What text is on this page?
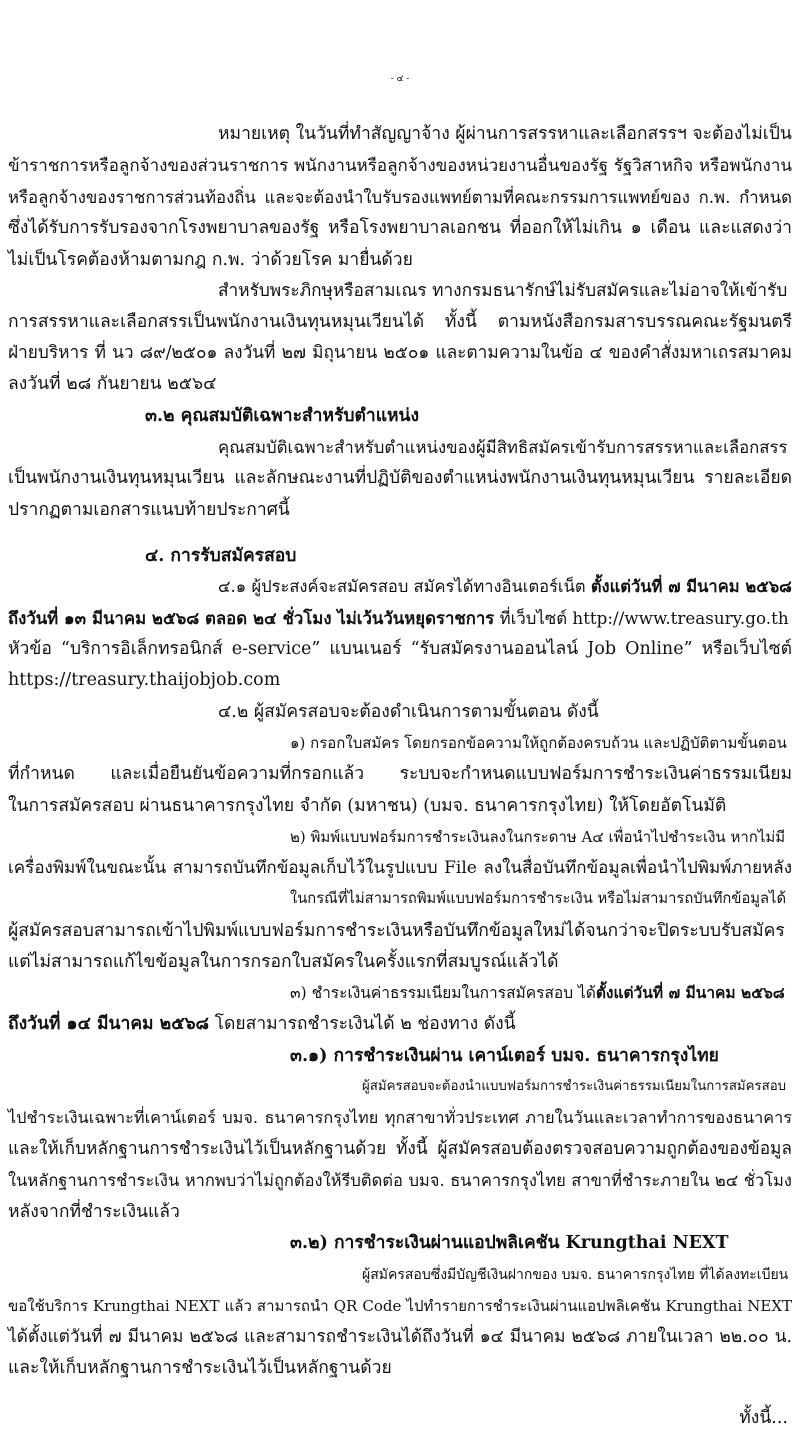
- ๔ -
หมายเหตุ ในวันที่ทำสัญญาจ้าง ผู้ผ่านการสรรหาและเลือกสรรฯ จะต้องไม่เป็น
ข้าราชการหรือลูกจ้างของส่วนราชการ พนักงานหรือลูกจ้างของหน่วยงานอื่นของรัฐ รัฐวิสาหกิจ หรือพนักงาน
หรือลูกจ้างของราชการส่วนท้องถิ่น และจะต้องนำใบรับรองแพทย์ตามที่คณะกรรมการแพทย์ของ ก.พ. กำหนด
ซึ่งได้รับการรับรองจากโรงพยาบาลของรัฐ หรือโรงพยาบาลเอกชน ที่ออกให้ไม่เกิน ๑ เดือน และแสดงว่า
ไม่เป็นโรคต้องห้ามตามกฎ ก.พ. ว่าด้วยโรค มายื่นด้วย
สำหรับพระภิกษุหรือสามเณร ทางกรมธนารักษ์ไม่รับสมัครและไม่อาจให้เข้ารับ
การสรรหาและเลือกสรรเป็นพนักงานเงินทุนหมุนเวียนได้ ทั้งนี้ ตามหนังสือกรมสารบรรณคณะรัฐมนตรี
ฝ่ายบริหาร ที่ นว ๘๙/๒๕๐๑ ลงวันที่ ๒๗ มิถุนายน ๒๕๐๑ และตามความในข้อ ๔ ของคำสั่งมหาเถรสมาคม
ลงวันที่ ๒๘ กันยายน ๒๕๖๔
๓.๒ คุณสมบัติเฉพาะสำหรับตำแหน่ง
คุณสมบัติเฉพาะสำหรับตำแหน่งของผู้มีสิทธิสมัครเข้ารับการสรรหาและเลือกสรร
เป็นพนักงานเงินทุนหมุนเวียน และลักษณะงานที่ปฏิบัติของตำแหน่งพนักงานเงินทุนหมุนเวียน รายละเอียด
ปรากฏตามเอกสารแนบท้ายประกาศนี้
๔. การรับสมัครสอบ
๔.๑ ผู้ประสงค์จะสมัครสอบ สมัครได้ทางอินเตอร์เน็ต ตั้งแต่วันที่ ๗ มีนาคม ๒๕๖๘
ถึงวันที่ ๑๓ มีนาคม ๒๕๖๘ ตลอด ๒๔ ชั่วโมง ไม่เว้นวันหยุดราชการ ที่เว็บไซต์ http://www.treasury.go.th
หัวข้อ “บริการอิเล็กทรอนิกส์ e-service” แบนเนอร์ “รับสมัครงานออนไลน์ Job Online” หรือเว็บไซต์
https://treasury.thaijobjob.com
๔.๒ ผู้สมัครสอบจะต้องดำเนินการตามขั้นตอน ดังนี้
๑) กรอกใบสมัคร โดยกรอกข้อความให้ถูกต้องครบถ้วน และปฏิบัติตามขั้นตอน
ที่กำหนด และเมื่อยืนยันข้อความที่กรอกแล้ว ระบบจะกำหนดแบบฟอร์มการชำระเงินค่าธรรมเนียม
ในการสมัครสอบ ผ่านธนาคารกรุงไทย จำกัด (มหาชน) (บมจ. ธนาคารกรุงไทย) ให้โดยอัตโนมัติ
๒) พิมพ์แบบฟอร์มการชำระเงินลงในกระดาษ A๔ เพื่อนำไปชำระเงิน หากไม่มี
เครื่องพิมพ์ในขณะนั้น สามารถบันทึกข้อมูลเก็บไว้ในรูปแบบ File ลงในสื่อบันทึกข้อมูลเพื่อนำไปพิมพ์ภายหลัง
ในกรณีที่ไม่สามารถพิมพ์แบบฟอร์มการชำระเงิน หรือไม่สามารถบันทึกข้อมูลได้
ผู้สมัครสอบสามารถเข้าไปพิมพ์แบบฟอร์มการชำระเงินหรือบันทึกข้อมูลใหม่ได้จนกว่าจะปิดระบบรับสมัคร
แต่ไม่สามารถแก้ไขข้อมูลในการกรอกใบสมัครในครั้งแรกที่สมบูรณ์แล้วได้
๓) ชำระเงินค่าธรรมเนียมในการสมัครสอบ ได้ตั้งแต่วันที่ ๗ มีนาคม ๒๕๖๘
ถึงวันที่ ๑๔ มีนาคม ๒๕๖๘ โดยสามารถชำระเงินได้ ๒ ช่องทาง ดังนี้
๓.๑) การชำระเงินผ่าน เคาน์เตอร์ บมจ. ธนาคารกรุงไทย
ผู้สมัครสอบจะต้องนำแบบฟอร์มการชำระเงินค่าธรรมเนียมในการสมัครสอบ
ไปชำระเงินเฉพาะที่เคาน์เตอร์ บมจ. ธนาคารกรุงไทย ทุกสาขาทั่วประเทศ ภายในวันและเวลาทำการของธนาคาร
และให้เก็บหลักฐานการชำระเงินไว้เป็นหลักฐานด้วย ทั้งนี้ ผู้สมัครสอบต้องตรวจสอบความถูกต้องของข้อมูล
ในหลักฐานการชำระเงิน หากพบว่าไม่ถูกต้องให้รีบติดต่อ บมจ. ธนาคารกรุงไทย สาขาที่ชำระภายใน ๒๔ ชั่วโมง
หลังจากที่ชำระเงินแล้ว
๓.๒) การชำระเงินผ่านแอปพลิเคชัน Krungthai NEXT
ผู้สมัครสอบซึ่งมีบัญชีเงินฝากของ บมจ. ธนาคารกรุงไทย ที่ได้ลงทะเบียน
ขอใช้บริการ Krungthai NEXT แล้ว สามารถนำ QR Code ไปทำรายการชำระเงินผ่านแอปพลิเคชัน Krungthai NEXT
ได้ตั้งแต่วันที่ ๗ มีนาคม ๒๕๖๘ และสามารถชำระเงินได้ถึงวันที่ ๑๔ มีนาคม ๒๕๖๘ ภายในเวลา ๒๒.๐๐ น.
และให้เก็บหลักฐานการชำระเงินไว้เป็นหลักฐานด้วย
ทั้งนี้...
